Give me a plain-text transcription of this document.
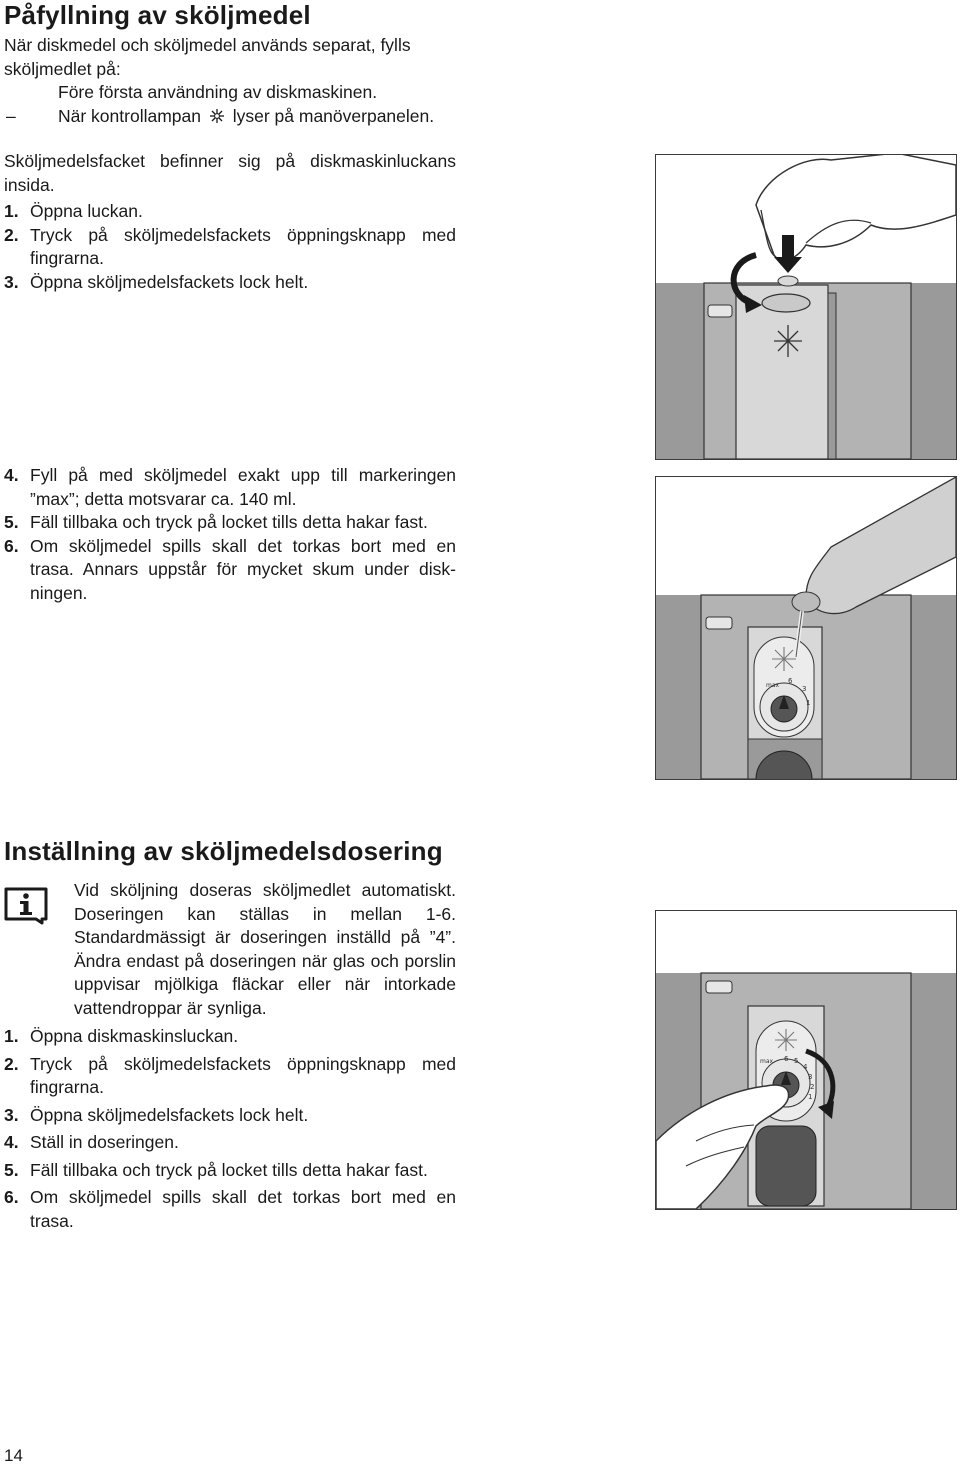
Påfyllning av sköljmedel
När diskmedel och sköljmedel används separat, fylls sköljmedlet på:
Före första användning av diskmaskinen.
–	När kontrollampan lyser på manöverpanelen.
Sköljmedelsfacket befinner sig på diskmaskinluckans insida.
1. Öppna luckan.
2. Tryck på sköljmedelsfackets öppningsknapp med fingrarna.
3. Öppna sköljmedelsfackets lock helt.
4. Fyll på med sköljmedel exakt upp till markeringen ”max”; detta motsvarar ca. 140 ml.
5. Fäll tillbaka och tryck på locket tills detta hakar fast.
6. Om sköljmedel spills skall det torkas bort med en trasa. Annars uppstår för mycket skum under diskningen.
max
6
3
1
Inställning av sköljmedelsdosering
Vid sköljning doseras sköljmedlet automatiskt. Doseringen kan ställas in mellan 1-6. Standardmässigt är doseringen inställd på ”4”. Ändra endast på doseringen när glas och porslin uppvisar mjölkiga fläckar eller när intorkade vattendroppar är synliga.
1. Öppna diskmaskinsluckan.
2. Tryck på sköljmedelsfackets öppningsknapp med fingrarna.
3. Öppna sköljmedelsfackets lock helt.
4. Ställ in doseringen.
5. Fäll tillbaka och tryck på locket tills detta hakar fast.
6. Om sköljmedel spills skall det torkas bort med en trasa.
max 6 5
4
3
2
1
14
